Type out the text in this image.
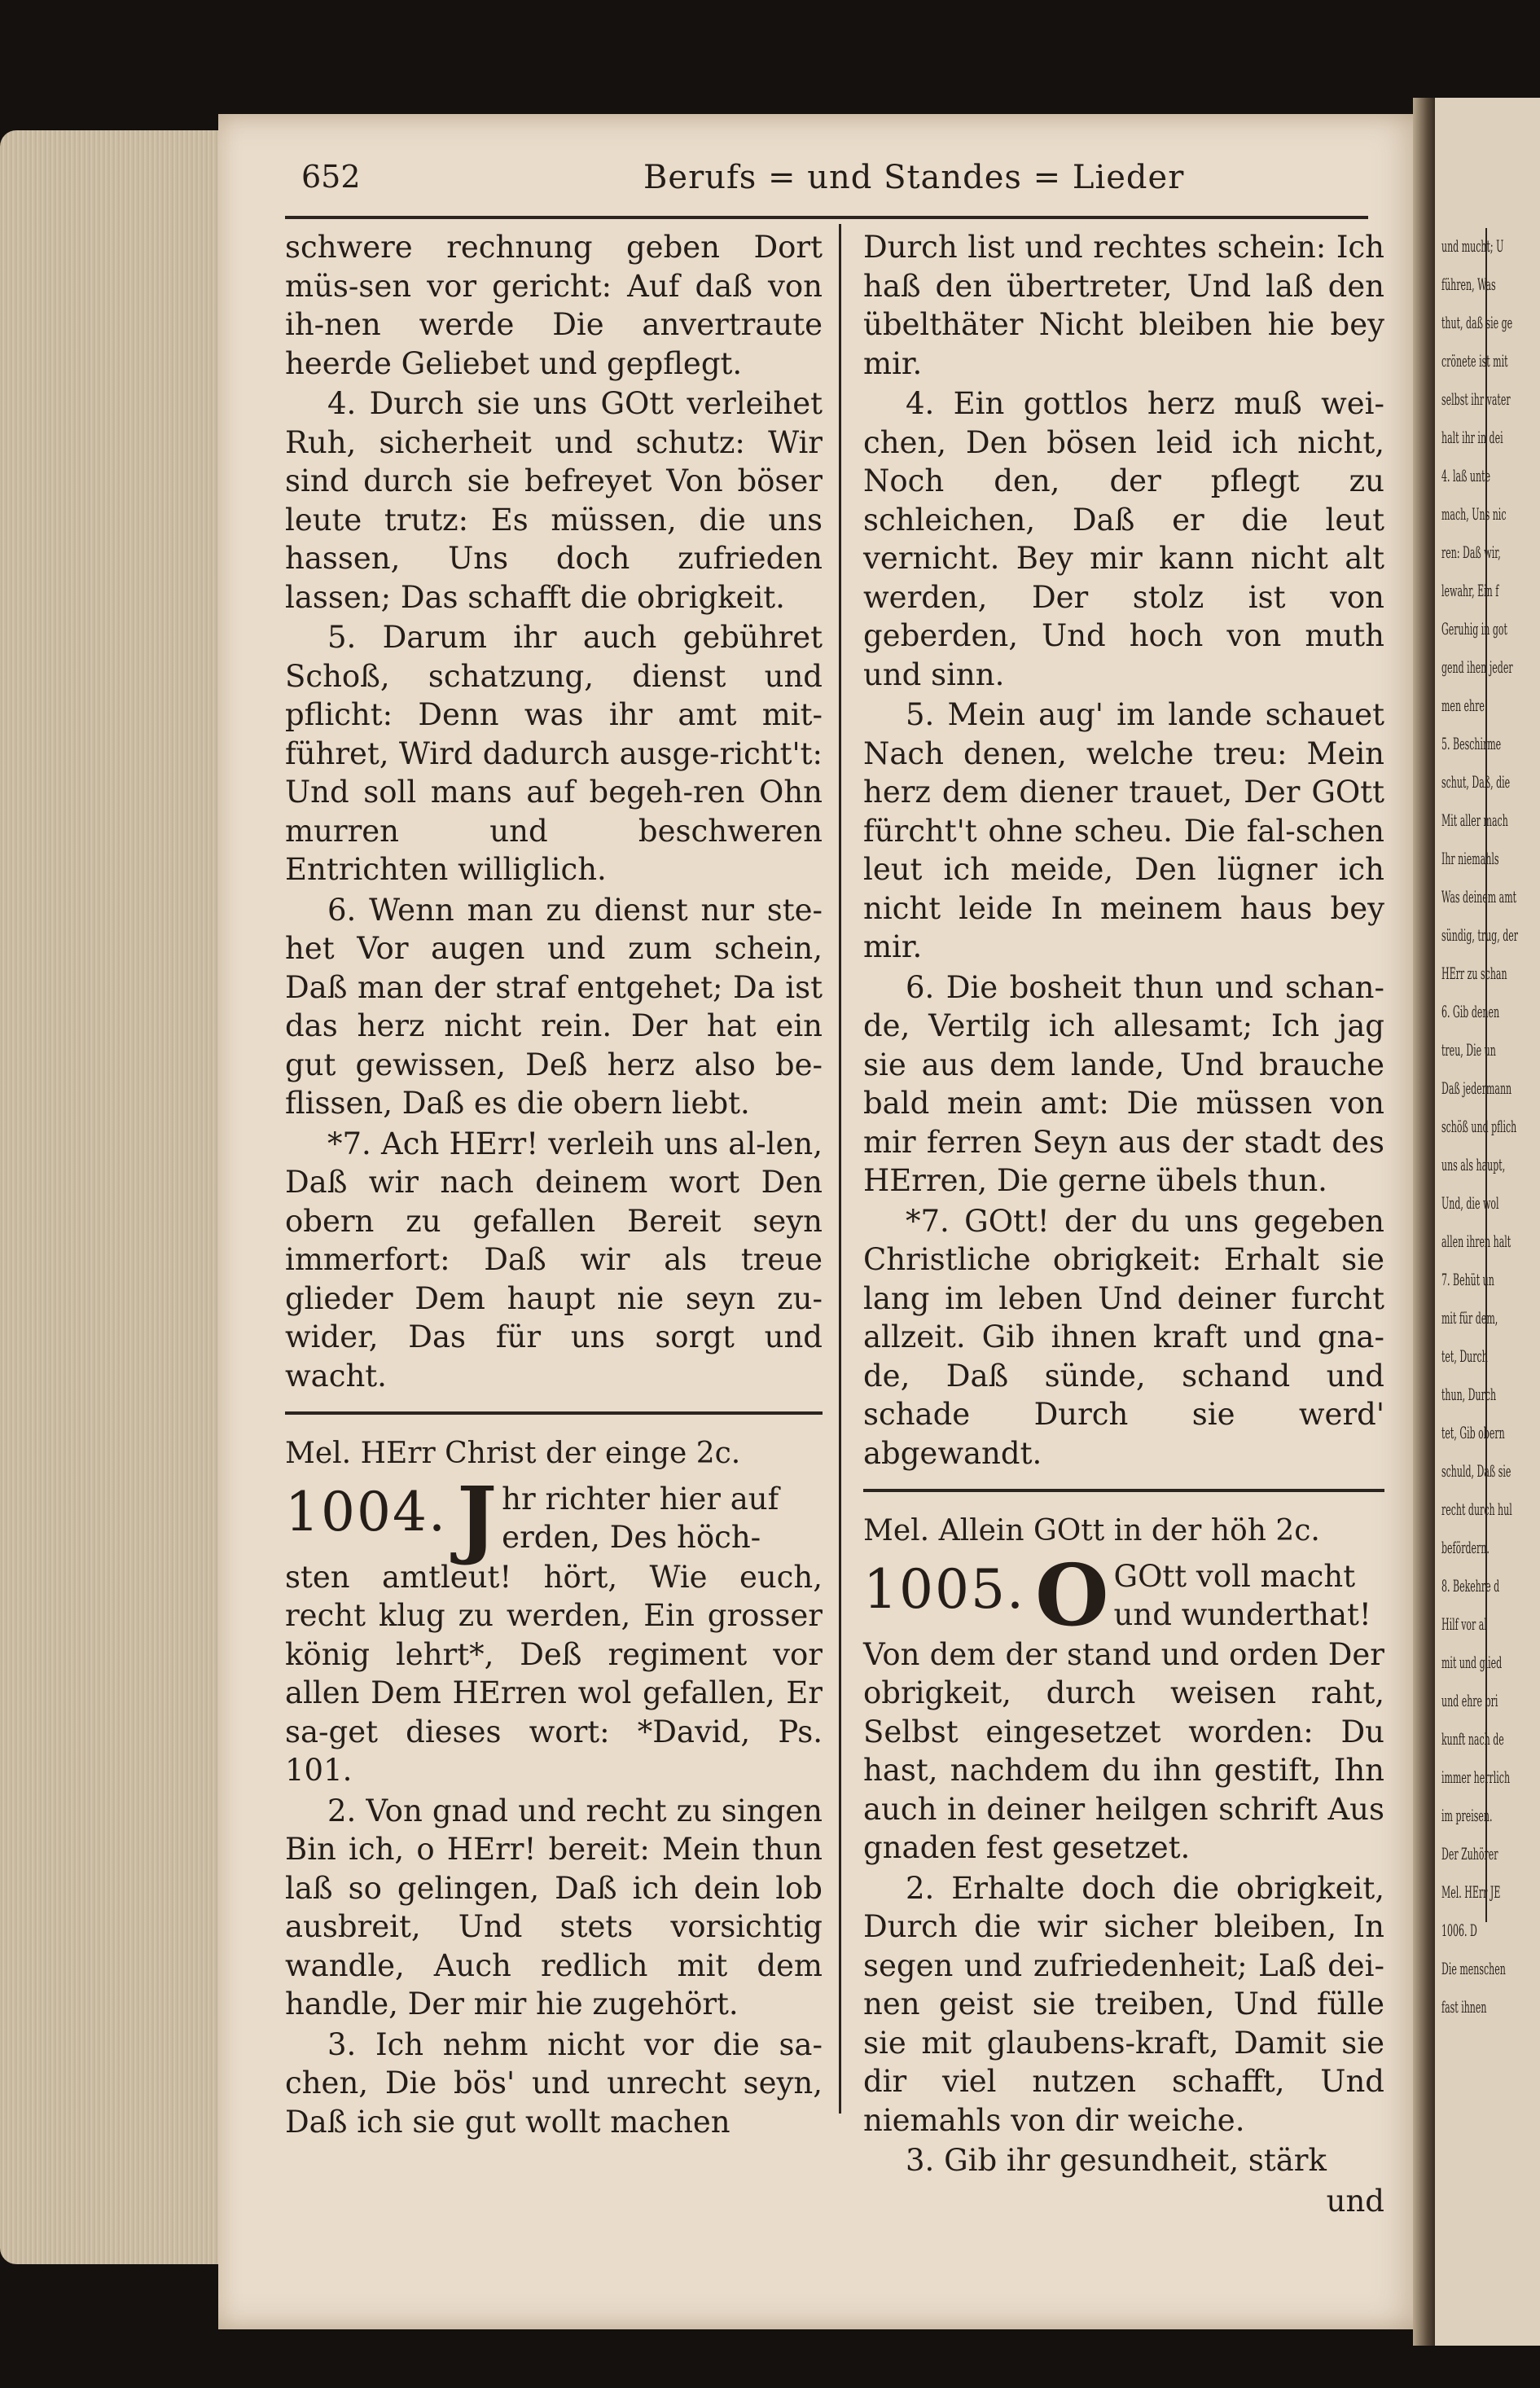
und mucht; U
führen, Was
thut, daß sie ge
crönete ist mit
selbst ihr vater
halt ihr in dei
4. laß unte
mach, Uns nic
ren: Daß wir,
lewahr, Ein f
Geruhig in got
gend ihen jeder
men ehre.
5. Beschirme
schut, Daß, die
Mit aller mach
Ihr niemahls
Was deinem amt
sündig, trug, der
HErr zu schan
6. Gib denen
treu, Die un
Daß jedermann
schöß und pflich
uns als haupt,
Und, die wol
allen ihren halt
7. Behüt un
mit für dem,
tet, Durch
thun, Durch
tet, Gib obern
schuld, Daß sie
recht durch hul
befördern.
8. Bekehre d
Hilf vor al
mit und glied
und ehre bri
kunft nach de
immer herrlich
im preisen.
Der Zuhörer
Mel. HErr JE
1006. D
Die menschen
fast ihnen
652	Berufs = und Standes = Lieder

schwere rechnung geben Dort müs-sen vor gericht: Auf daß von ih-nen werde Die anvertraute heerde Geliebet und gepflegt.

4. Durch sie uns GOtt verleihet Ruh, sicherheit und schutz: Wir sind durch sie befreyet Von böser leute trutz: Es müssen, die uns hassen, Uns doch zufrieden lassen; Das schafft die obrigkeit.

5. Darum ihr auch gebühret Schoß, schatzung, dienst und pflicht: Denn was ihr amt mit-führet, Wird dadurch ausge-richt't: Und soll mans auf begeh-ren Ohn murren und beschweren Entrichten williglich.

6. Wenn man zu dienst nur ste-het Vor augen und zum schein, Daß man der straf entgehet; Da ist das herz nicht rein. Der hat ein gut gewissen, Deß herz also be-flissen, Daß es die obern liebt.

*7. Ach HErr! verleih uns al-len, Daß wir nach deinem wort Den obern zu gefallen Bereit seyn immerfort: Daß wir als treue glieder Dem haupt nie seyn zu-wider, Das für uns sorgt und wacht.

Mel. HErr Christ der einge 2c.
1004. J hr richter hier auf erden, Des höch-

sten amtleut! hört, Wie euch, recht klug zu werden, Ein grosser könig lehrt*, Deß regiment vor allen Dem HErren wol gefallen, Er sa-get dieses wort: *David, Ps. 101.

2. Von gnad und recht zu singen Bin ich, o HErr! bereit: Mein thun laß so gelingen, Daß ich dein lob ausbreit, Und stets vorsichtig wandle, Auch redlich mit dem handle, Der mir hie zugehört.

3. Ich nehm nicht vor die sa-chen, Die bös' und unrecht seyn, Daß ich sie gut wollt machen

Durch list und rechtes schein: Ich haß den übertreter, Und laß den übelthäter Nicht bleiben hie bey mir.

4. Ein gottlos herz muß wei-chen, Den bösen leid ich nicht, Noch den, der pflegt zu schleichen, Daß er die leut vernicht. Bey mir kann nicht alt werden, Der stolz ist von geberden, Und hoch von muth und sinn.

5. Mein aug' im lande schauet Nach denen, welche treu: Mein herz dem diener trauet, Der GOtt fürcht't ohne scheu. Die fal-schen leut ich meide, Den lügner ich nicht leide In meinem haus bey mir.

6. Die bosheit thun und schan-de, Vertilg ich allesamt; Ich jag sie aus dem lande, Und brauche bald mein amt: Die müssen von mir ferren Seyn aus der stadt des HErren, Die gerne übels thun.

*7. GOtt! der du uns gegeben Christliche obrigkeit: Erhalt sie lang im leben Und deiner furcht allzeit. Gib ihnen kraft und gna-de, Daß sünde, schand und schade Durch sie werd' abgewandt.

Mel. Allein GOtt in der höh 2c.
1005. O GOtt voll macht und wunderthat!

Von dem der stand und orden Der obrigkeit, durch weisen raht, Selbst eingesetzet worden: Du hast, nachdem du ihn gestift, Ihn auch in deiner heilgen schrift Aus gnaden fest gesetzet.

2. Erhalte doch die obrigkeit, Durch die wir sicher bleiben, In segen und zufriedenheit; Laß dei-nen geist sie treiben, Und fülle sie mit glaubens-kraft, Damit sie dir viel nutzen schafft, Und niemahls von dir weiche.

3. Gib ihr gesundheit, stärk

und
